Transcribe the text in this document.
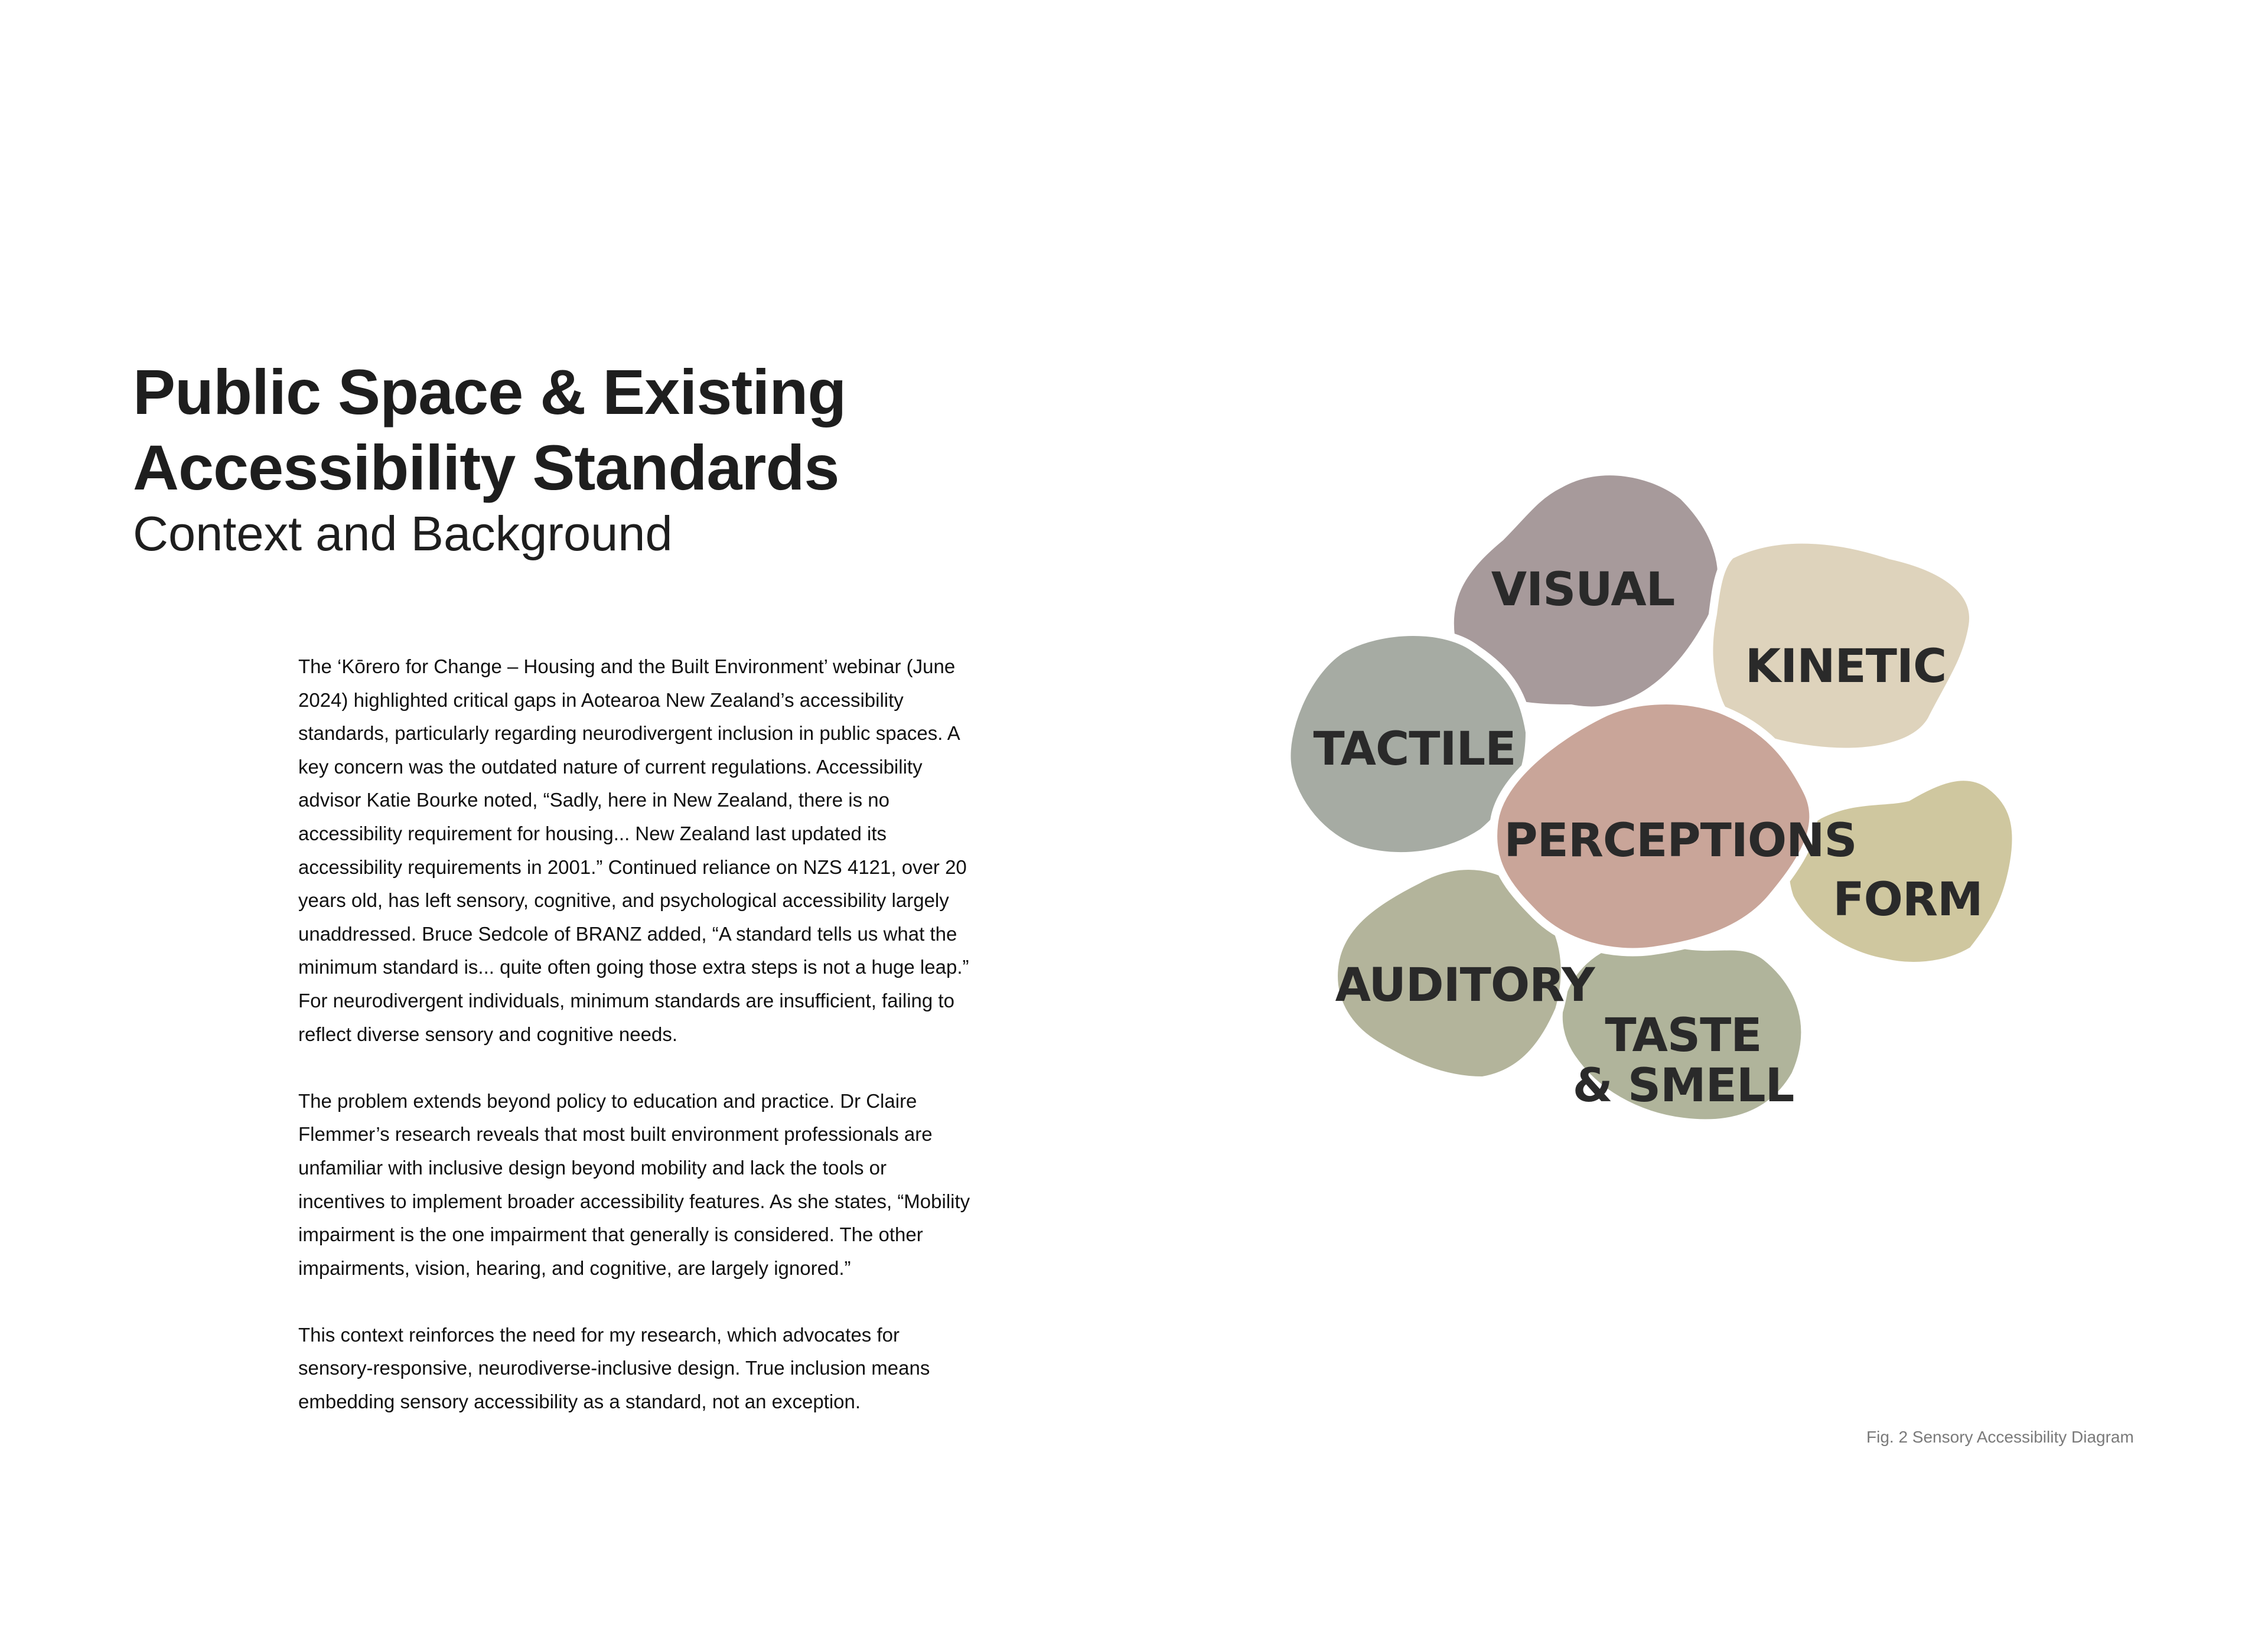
Public Space & Existing
Accessibility Standards
Context and Background

The ‘Kōrero for Change – Housing and the Built Environment’ webinar (June 2024) highlighted critical gaps in Aotearoa New Zealand’s accessibility standards, particularly regarding neurodivergent inclusion in public spaces. A key concern was the outdated nature of current regulations. Accessibility advisor Katie Bourke noted, “Sadly, here in New Zealand, there is no accessibility requirement for housing... New Zealand last updated its accessibility requirements in 2001.” Continued reliance on NZS 4121, over 20 years old, has left sensory, cognitive, and psychological accessibility largely unaddressed. Bruce Sedcole of BRANZ added, “A standard tells us what the minimum standard is... quite often going those extra steps is not a huge leap.” For neurodivergent individuals, minimum standards are insufficient, failing to reflect diverse sensory and cognitive needs.

The problem extends beyond policy to education and practice. Dr Claire Flemmer’s research reveals that most built environment professionals are unfamiliar with inclusive design beyond mobility and lack the tools or incentives to implement broader accessibility features. As she states, “Mobility impairment is the one impairment that generally is considered. The other impairments, vision, hearing, and cognitive, are largely ignored.”

This context reinforces the need for my research, which advocates for sensory-responsive, neurodiverse-inclusive design. True inclusion means embedding sensory accessibility as a standard, not an exception.

VISUAL
KINETIC
FORM
TASTE
& SMELL
AUDITORY
TACTILE
PERCEPTIONS
Fig. 2 Sensory Accessibility Diagram
